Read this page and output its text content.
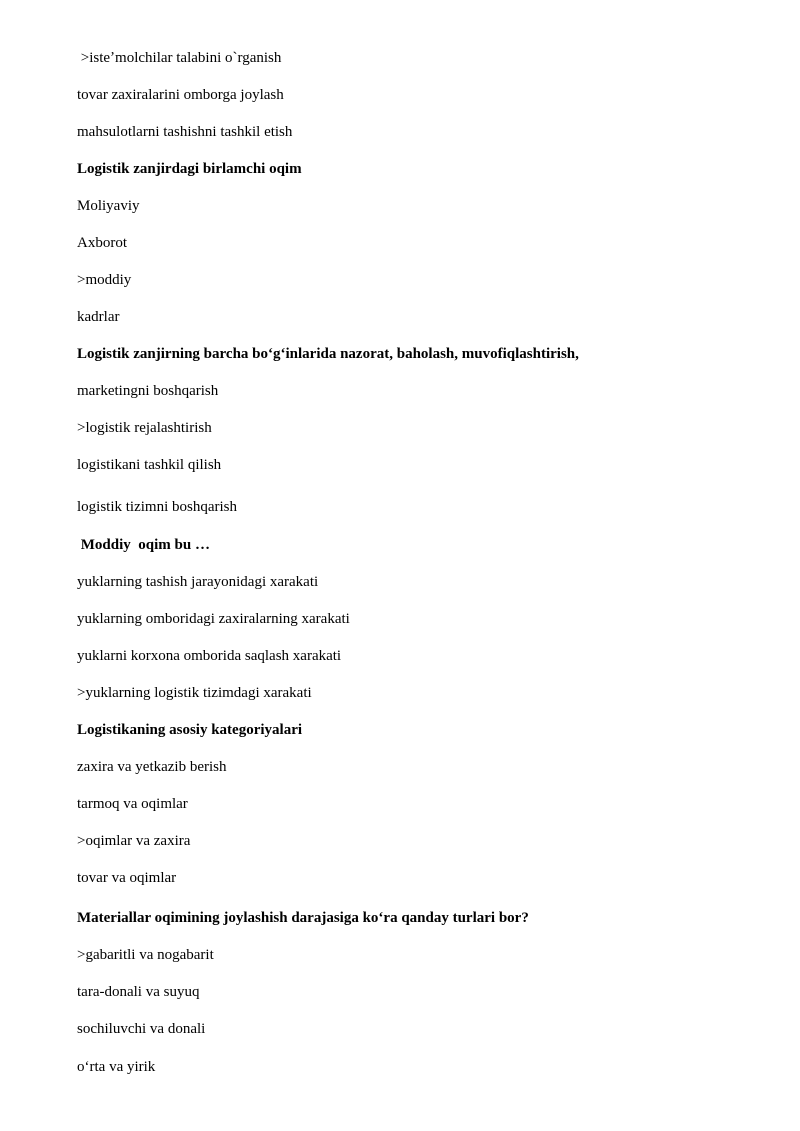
>isteʼmolchilar talabini o`rganish
tovar zaxiralarini omborga joylash
mahsulotlarni tashishni tashkil etish
Logistik zanjirdagi birlamchi oqim
Moliyaviy
Axborot
>moddiy
kadrlar
Logistik zanjirning barcha bo‘g‘inlarida nazorat, baholash, muvofiqlashtirish,
marketingni boshqarish
>logistik rejalashtirish
logistikani tashkil qilish
logistik tizimni boshqarish
Moddiy  oqim bu …
yuklarning tashish jarayonidagi xarakati
yuklarning omboridagi zaxiralarning xarakati
yuklarni korxona omborida saqlash xarakati
>yuklarning logistik tizimdagi xarakati
Logistikaning asosiy kategoriyalari
zaxira va yetkazib berish
tarmoq va oqimlar
>oqimlar va zaxira
tovar va oqimlar
Materiallar oqimining joylashish darajasiga ko‘ra qanday turlari bor?
>gabaritli va nogabarit
tara-donali va suyuq
sochiluvchi va donali
o‘rta va yirik
